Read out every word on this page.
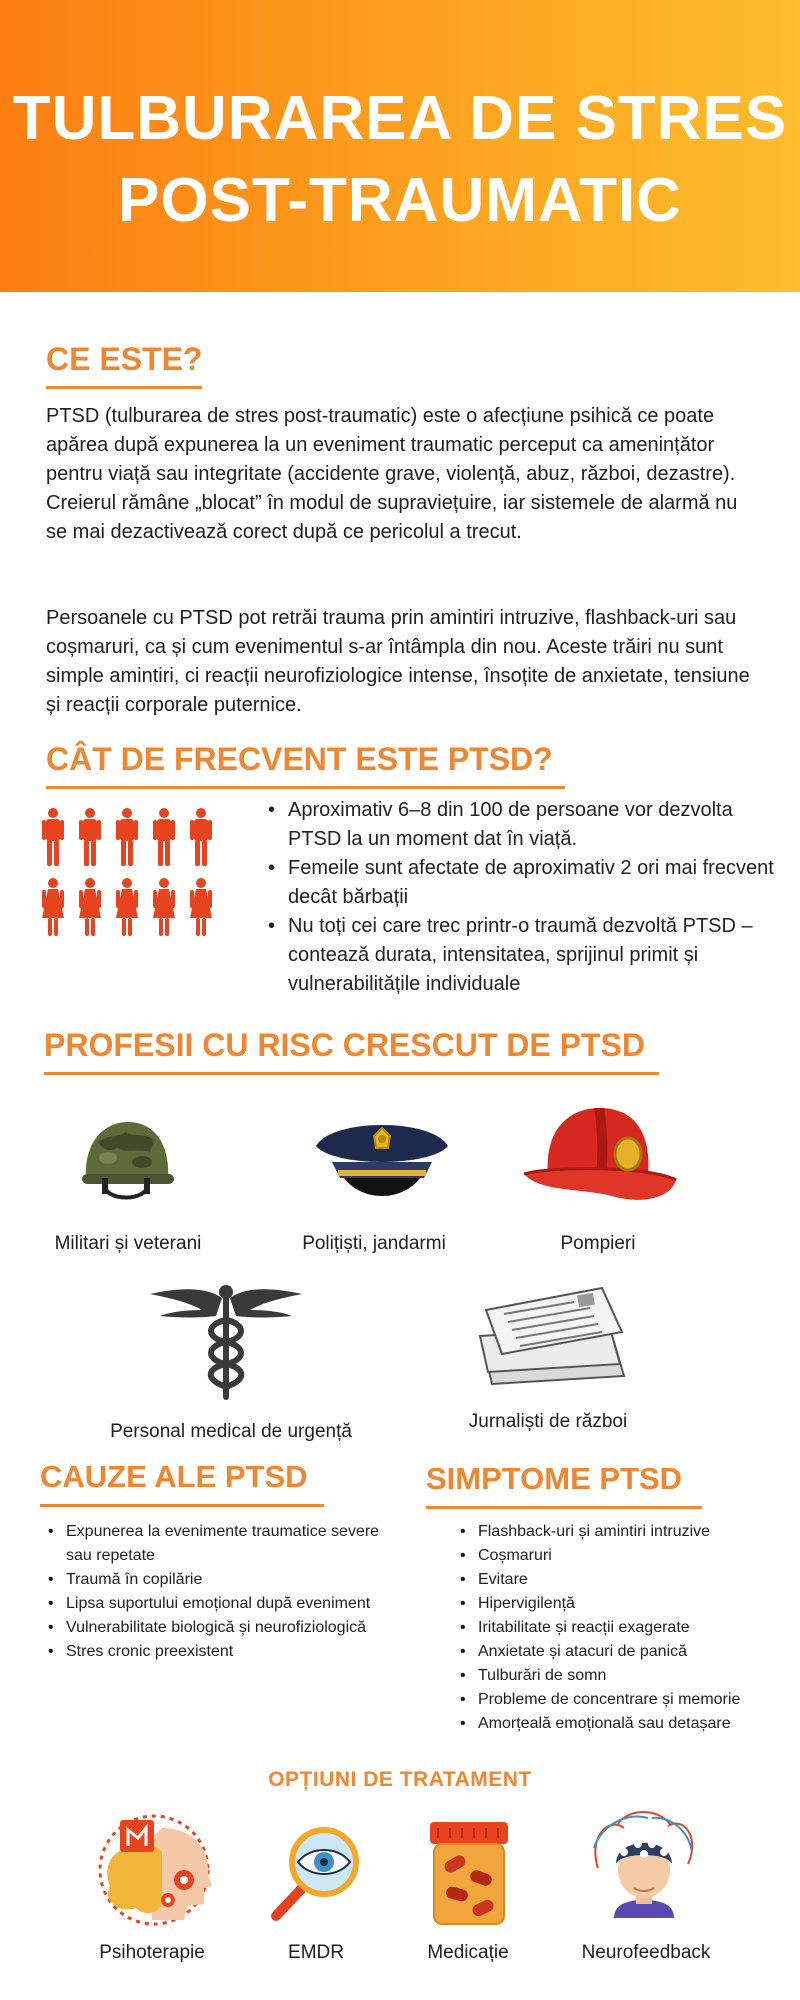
TULBURAREA DE STRES
POST-TRAUMATIC
CE ESTE?

PTSD (tulburarea de stres post-traumatic) este o afecțiune psihică ce poate apărea după expunerea la un eveniment traumatic perceput ca amenințător pentru viață sau integritate (accidente grave, violență, abuz, război, dezastre). Creierul rămâne „blocat” în modul de supraviețuire, iar sistemele de alarmă nu se mai dezactivează corect după ce pericolul a trecut.

Persoanele cu PTSD pot retrăi trauma prin amintiri intruzive, flashback-uri sau coșmaruri, ca și cum evenimentul s-ar întâmpla din nou. Aceste trăiri nu sunt simple amintiri, ci reacții neurofiziologice intense, însoțite de anxietate, tensiune și reacții corporale puternice.

CÂT DE FRECVENT ESTE PTSD?
• Aproximativ 6–8 din 100 de persoane vor dezvolta PTSD la un moment dat în viață.
• Femeile sunt afectate de aproximativ 2 ori mai frecvent decât bărbații
• Nu toți cei care trec printr-o traumă dezvoltă PTSD – contează durata, intensitatea, sprijinul primit și vulnerabilitățile individuale
PROFESII CU RISC CRESCUT DE PTSD
Militari și veterani	Polițiști, jandarmi	Pompieri
Personal medical de urgență	Jurnaliști de război
CAUZE ALE PTSD
• Expunerea la evenimente traumatice severe sau repetate
• Traumă în copilărie
• Lipsa suportului emoțional după eveniment
• Vulnerabilitate biologică și neurofiziologică
• Stres cronic preexistent
SIMPTOME PTSD
• Flashback-uri și amintiri intruzive
• Coșmaruri
• Evitare
• Hipervigilență
• Iritabilitate și reacții exagerate
• Anxietate și atacuri de panică
• Tulburări de somn
• Probleme de concentrare și memorie
• Amorțeală emoțională sau detașare
OPȚIUNI DE TRATAMENT
Psihoterapie	EMDR	Medicație	Neurofeedback
